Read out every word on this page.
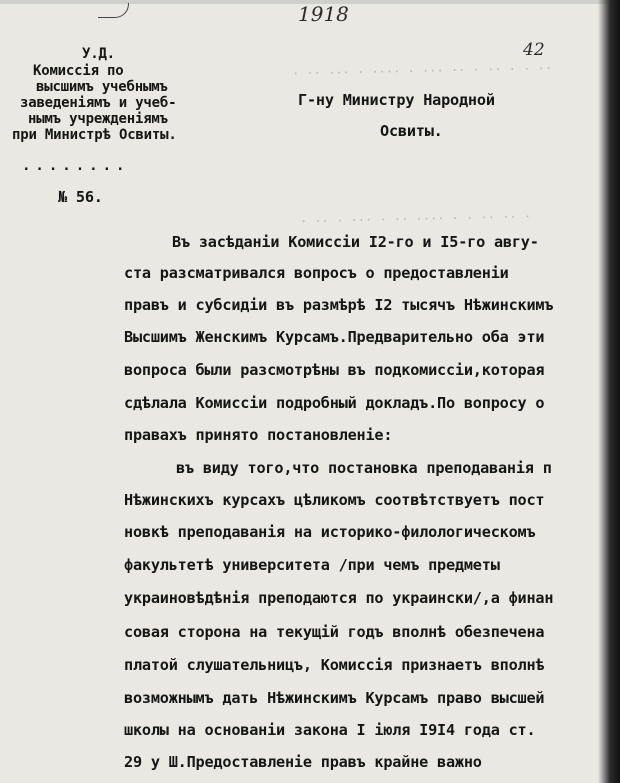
· ·· ··· · ···· · ··· ·· · ·· · · ··
· ·· · ··· · ·· ···· · · ·· ·· ·
1918
42
У.Д.
Комиссія по
высшимъ учебнымъ
заведеніямъ и учеб-
нымъ учрежденіямъ
при Министрѣ Освиты.
Г-ну Министру Народной
Освиты.
........
№ 56.
Въ засѣданіи Комиссіи I2-го и I5-го авгу-
ста разсматривался вопросъ о предоставленіи
правъ и субсидіи въ размѣрѣ I2 тысячъ Нѣжинскимъ
Высшимъ Женскимъ Курсамъ.Предварительно оба эти
вопроса были разсмотрѣны въ подкомиссіи,которая
сдѣлала Комиссіи подробный докладъ.По вопросу о
правахъ принято постановленіе:
въ виду того,что постановка преподаванія п
Нѣжинскихъ курсахъ цѣликомъ соотвѣтствуетъ пост
новкѣ преподаванія на историко-филологическомъ
факультетѣ университета /при чемъ предметы
украиновѣдѣнія преподаются по украински/,а финан
совая сторона на текущій годъ вполнѣ обезпечена
платой слушательницъ, Комиссія признаетъ вполнѣ
возможнымъ дать Нѣжинскимъ Курсамъ право высшей
школы на основаніи закона I іюля I9I4 года ст.
29 у Ш.Предоставленіе правъ крайне важно
